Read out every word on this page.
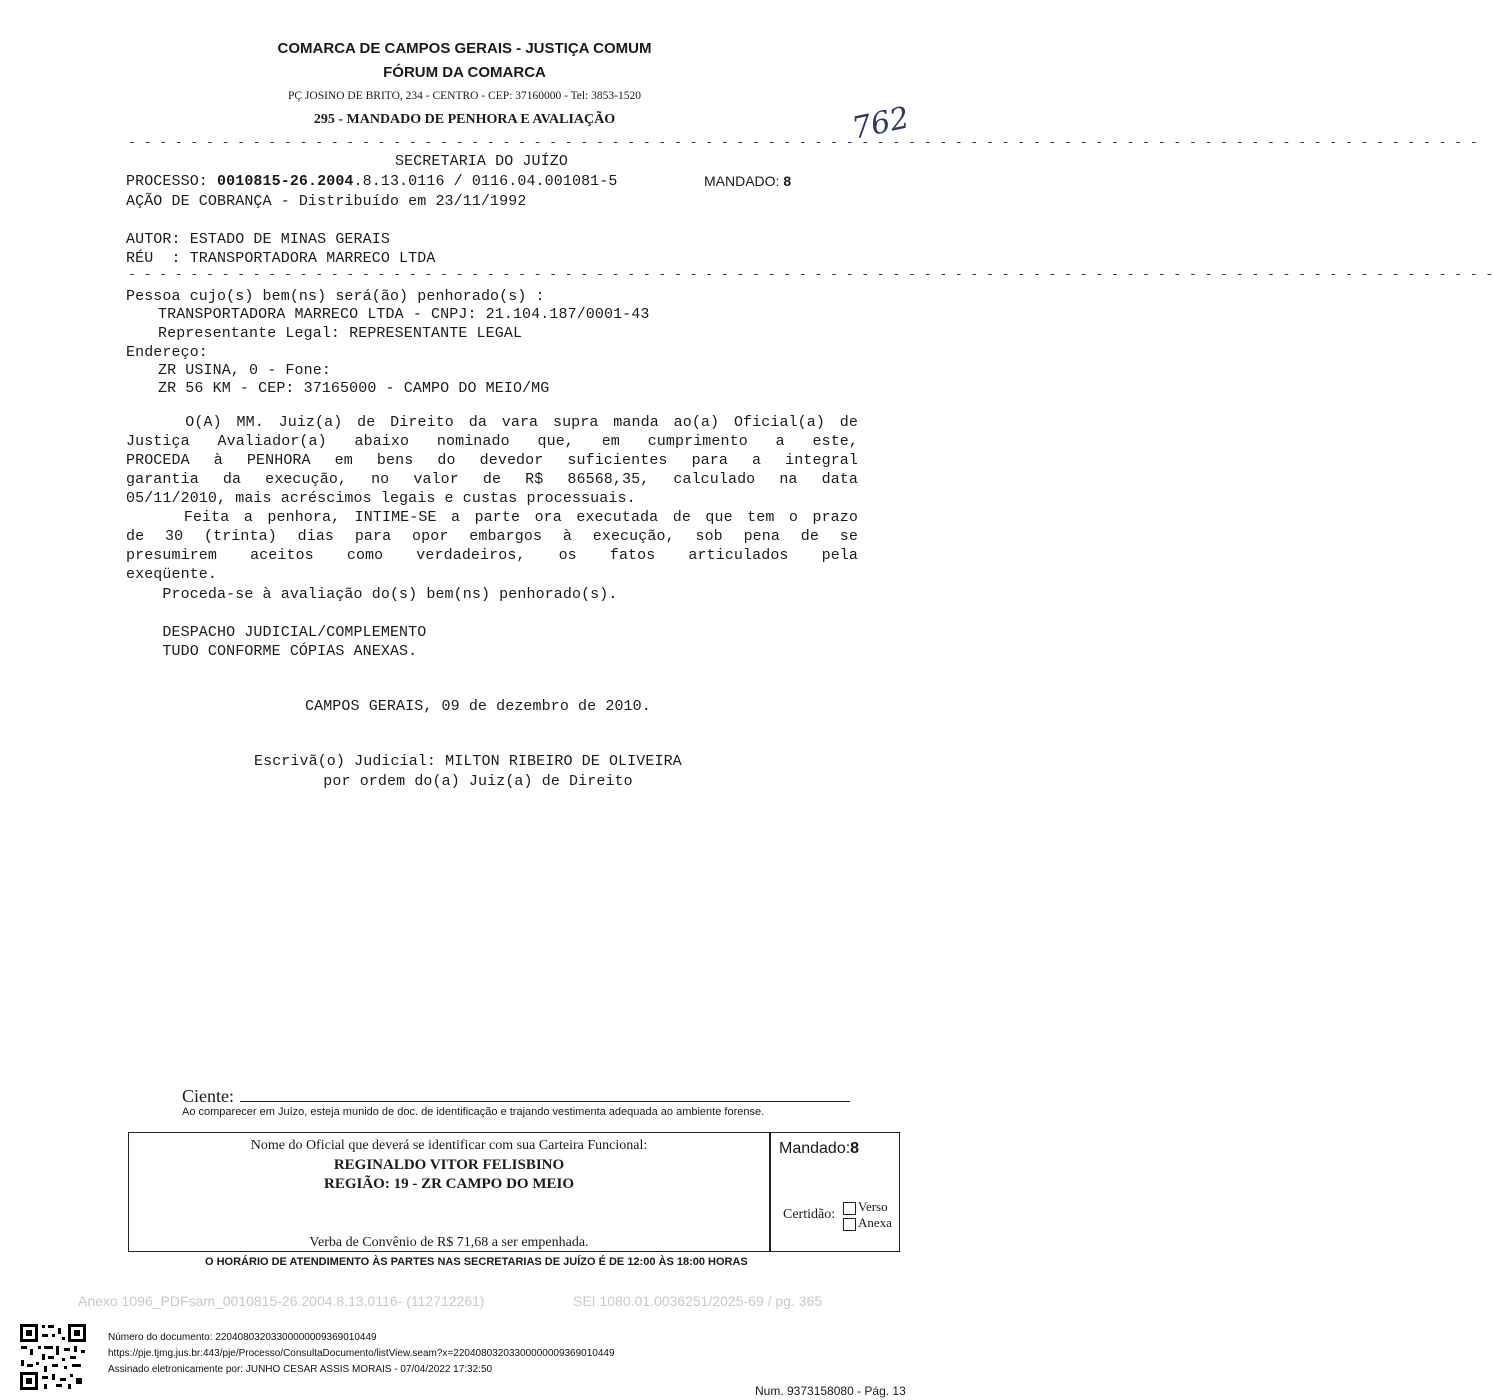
COMARCA DE CAMPOS GERAIS - JUSTIÇA COMUM
FÓRUM DA COMARCA
PÇ JOSINO DE BRITO, 234 - CENTRO - CEP: 37160000 - Tel: 3853-1520
295 - MANDADO DE PENHORA E AVALIAÇÃO	762
- - - - - - - - - - - - - - - - - - - - - - - - - - - - - - - - - - - - - - - - - - - - - - - - - - - - - - - - - - - - - - - - - - - - - - - - - - - - - - - - - - - - - - -
SECRETARIA DO JUÍZO
PROCESSO: 0010815-26.2004.8.13.0116 / 0116.04.001081-5	MANDADO: 8
AÇÃO DE COBRANÇA - Distribuído em 23/11/1992
AUTOR: ESTADO DE MINAS GERAIS
RÉU  : TRANSPORTADORA MARRECO LTDA
- - - - - - - - - - - - - - - - - - - - - - - - - - - - - - - - - - - - - - - - - - - - - - - - - - - - - - - - - - - - - - - - - - - - - - - - - - - - - - - - - - - - - - - -
Pessoa cujo(s) bem(ns) será(ão) penhorado(s) :
TRANSPORTADORA MARRECO LTDA - CNPJ: 21.104.187/0001-43
Representante Legal: REPRESENTANTE LEGAL
Endereço:
ZR USINA, 0 - Fone:
ZR 56 KM - CEP: 37165000 - CAMPO DO MEIO/MG
O(A) MM. Juiz(a) de Direito da vara supra manda ao(a) Oficial(a) de
Justiça Avaliador(a) abaixo nominado que, em cumprimento a este,
PROCEDA à PENHORA em bens do devedor suficientes para a integral
garantia da execução, no valor de R$ 86568,35, calculado na data
05/11/2010, mais acréscimos legais e custas processuais.
Feita a penhora, INTIME-SE a parte ora executada de que tem o prazo
de 30 (trinta) dias para opor embargos à execução, sob pena de se
presumirem aceitos como verdadeiros, os fatos articulados pela
exeqüente.
Proceda-se à avaliação do(s) bem(ns) penhorado(s).
DESPACHO JUDICIAL/COMPLEMENTO
TUDO CONFORME CÓPIAS ANEXAS.
CAMPOS GERAIS, 09 de dezembro de 2010.
Escrivã(o) Judicial: MILTON RIBEIRO DE OLIVEIRA
por ordem do(a) Juiz(a) de Direito
Ciente:
Ao comparecer em Juízo, esteja munido de doc. de identificação e trajando vestimenta adequada ao ambiente forense.
Nome do Oficial que deverá se identificar com sua Carteira Funcional:
REGINALDO VITOR FELISBINO
REGIÃO: 19 - ZR CAMPO DO MEIO
Verba de Convênio de R$ 71,68 a ser empenhada.
Mandado:8
Certidão:
Verso
Anexa
O HORÁRIO DE ATENDIMENTO ÀS PARTES NAS SECRETARIAS DE JUÍZO É DE 12:00 ÀS 18:00 HORAS
Anexo 1096_PDFsam_0010815-26.2004.8.13.0116- (112712261)	SEI 1080.01.0036251/2025-69 / pg. 365
Número do documento: 22040803203300000009369010449
https://pje.tjmg.jus.br:443/pje/Processo/ConsultaDocumento/listView.seam?x=22040803203300000009369010449
Assinado eletronicamente por: JUNHO CESAR ASSIS MORAIS - 07/04/2022 17:32:50
Num. 9373158080 - Pág. 13
